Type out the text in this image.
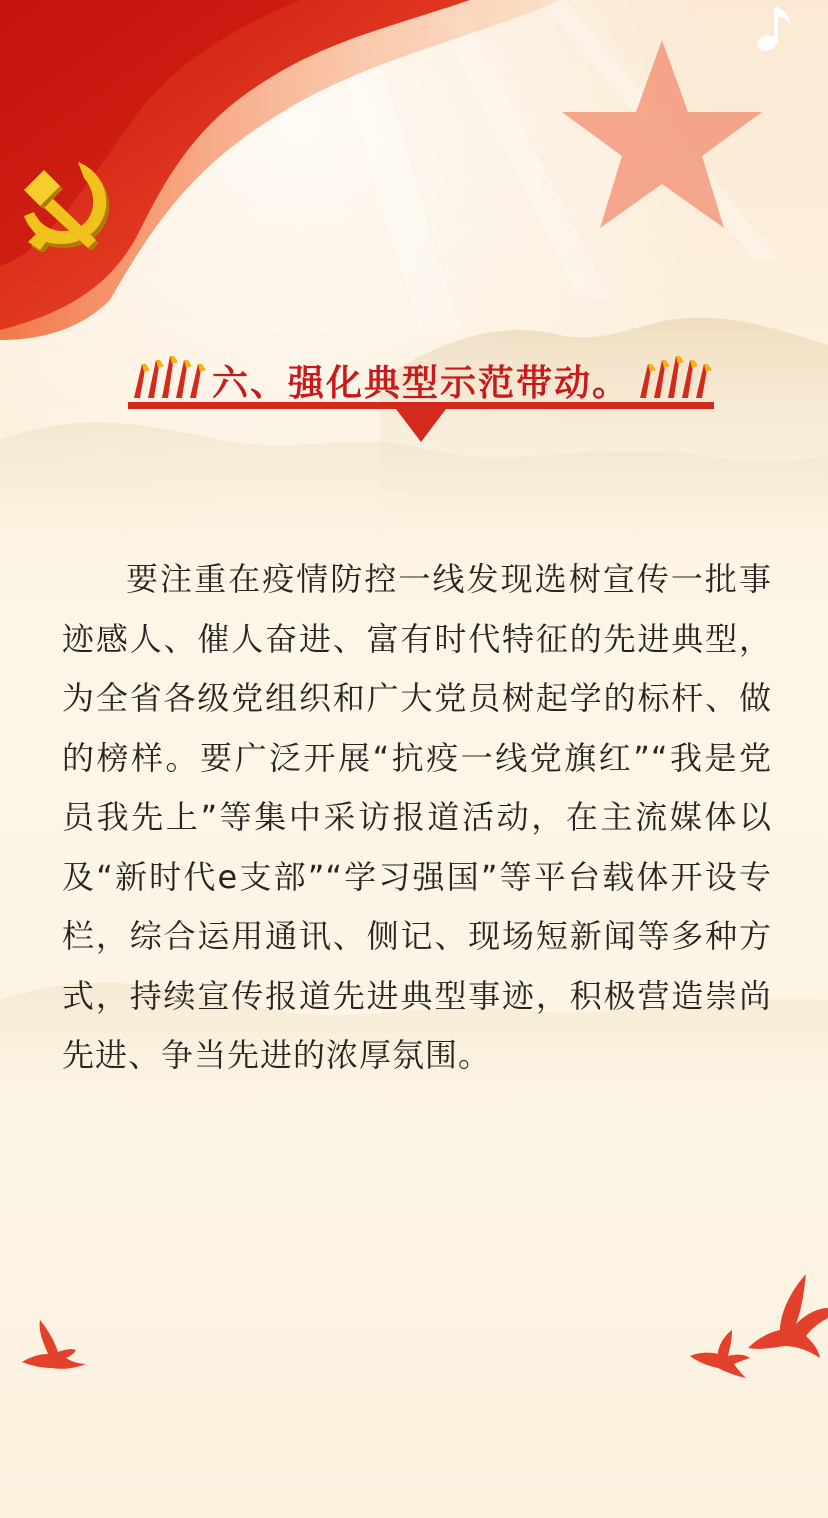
六、强化典型示范带动。

要注重在疫情防控一线发现选树宣传一批事迹感人、催人奋进、富有时代特征的先进典型，为全省各级党组织和广大党员树起学的标杆、做的榜样。要广泛开展“抗疫一线党旗红”“我是党员我先上”等集中采访报道活动，在主流媒体以及“新时代e支部”“学习强国”等平台载体开设专栏，综合运用通讯、侧记、现场短新闻等多种方式，持续宣传报道先进典型事迹，积极营造崇尚先进、争当先进的浓厚氛围。
